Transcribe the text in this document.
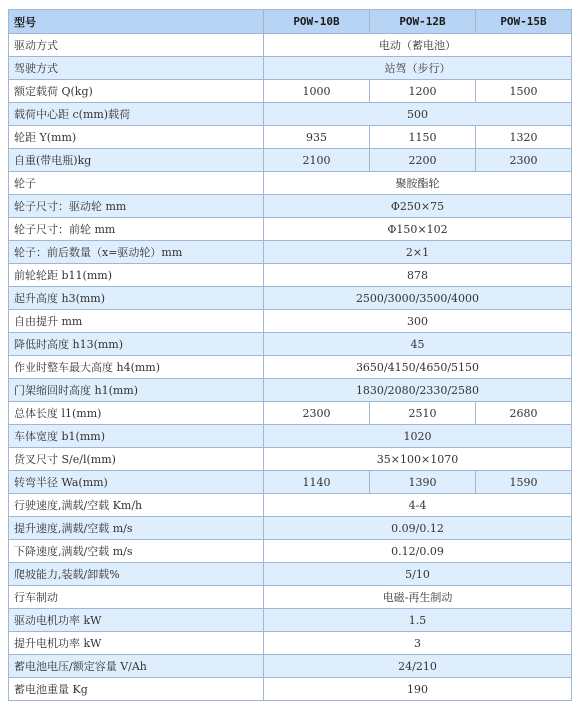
型号	POW-10B	POW-12B	POW-15B
驱动方式	电动（蓄电池）		
驾驶方式	站驾（步行）		
额定载荷 Q(kg)	1000	1200	1500
载荷中心距 c(mm)载荷	500		
轮距 Y(mm)	935	1150	1320
自重(带电瓶)kg	2100	2200	2300
轮子	聚胺酯轮		
轮子尺寸：驱动轮 mm	Φ250×75		
轮子尺寸：前轮 mm	Φ150×102		
轮子：前后数量（x=驱动轮）mm	2×1		
前轮轮距 b11(mm)	878		
起升高度 h3(mm)	2500/3000/3500/4000		
自由提升 mm	300		
降低时高度 h13(mm)	45		
作业时整车最大高度 h4(mm)	3650/4150/4650/5150		
门架缩回时高度 h1(mm)	1830/2080/2330/2580		
总体长度 l1(mm)	2300	2510	2680
车体宽度 b1(mm)	1020		
货叉尺寸 S/e/l(mm)	35×100×1070		
转弯半径 Wa(mm)	1140	1390	1590
行驶速度,满载/空载 Km/h	4-4		
提升速度,满载/空载 m/s	0.09/0.12		
下降速度,满载/空载 m/s	0.12/0.09		
爬坡能力,装载/卸载%	5/10		
行车制动	电磁-再生制动		
驱动电机功率 kW	1.5		
提升电机功率 kW	3		
蓄电池电压/额定容量 V/Ah	24/210		
蓄电池重量 Kg	190		
